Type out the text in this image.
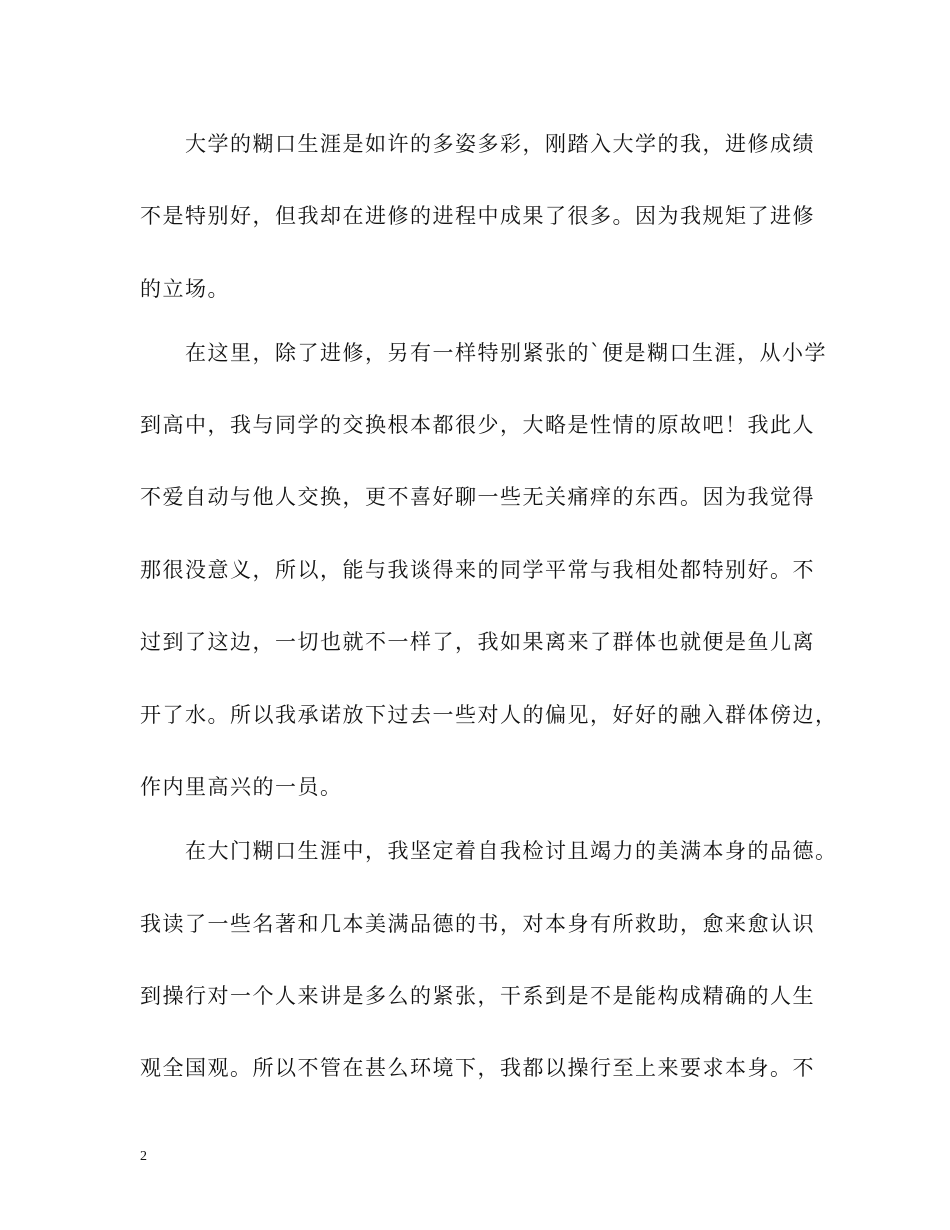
　　大学的糊口生涯是如许的多姿多彩，刚踏入大学的我，进修成绩
不是特别好，但我却在进修的进程中成果了很多。因为我规矩了进修
的立场。
　　在这里，除了进修，另有一样特别紧张的`便是糊口生涯，从小学
到高中，我与同学的交换根本都很少，大略是性情的原故吧！我此人
不爱自动与他人交换，更不喜好聊一些无关痛痒的东西。因为我觉得
那很没意义，所以，能与我谈得来的同学平常与我相处都特别好。不
过到了这边，一切也就不一样了，我如果离来了群体也就便是鱼儿离
开了水。所以我承诺放下过去一些对人的偏见，好好的融入群体傍边，
作内里高兴的一员。
　　在大门糊口生涯中，我坚定着自我检讨且竭力的美满本身的品德。
我读了一些名著和几本美满品德的书，对本身有所救助，愈来愈认识
到操行对一个人来讲是多么的紧张，干系到是不是能构成精确的人生
观全国观。所以不管在甚么环境下，我都以操行至上来要求本身。不
2
